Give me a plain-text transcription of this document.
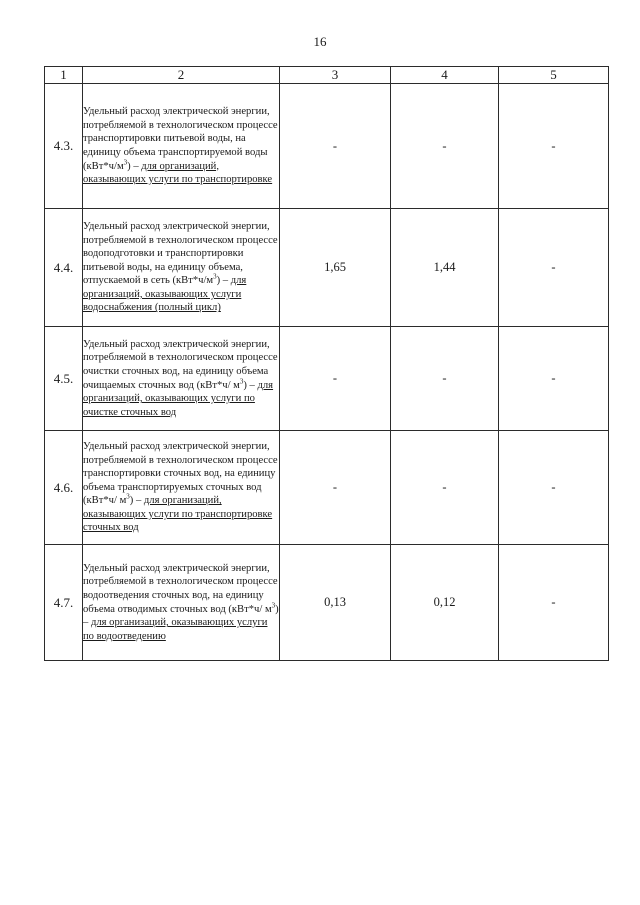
16
1	2	3	4	5
4.3.	Удельный расход электрической энергии, потребляемой в технологическом процессе транспортировки питьевой воды, на единицу объема транспортируемой воды $(кВт*ч/м^3)$ – для организаций, оказывающих услуги по транспортировке	-	-	-
4.4.	Удельный расход электрической энергии, потребляемой в технологическом процессе водоподготовки и транспортировки питьевой воды, на единицу объема, отпускаемой в сеть $(кВт*ч/м^3)$ – для организаций, оказывающих услуги водоснабжения (полный цикл)	1,65	1,44	-
4.5.	Удельный расход электрической энергии, потребляемой в технологическом процессе очистки сточных вод, на единицу объема очищаемых сточных вод (кВт*ч/ $м^3$) – для организаций, оказывающих услуги по очистке сточных вод	-	-	-
4.6.	Удельный расход электрической энергии, потребляемой в технологическом процессе транспортировки сточных вод, на единицу объема транспортируемых сточных вод (кВт*ч/ $м^3$) – для организаций, оказывающих услуги по транспортировке сточных вод	-	-	-
4.7.	Удельный расход электрической энергии, потребляемой в технологическом процессе водоотведения сточных вод, на единицу объема отводимых сточных вод (кВт*ч/ $м^3$) – для организаций, оказывающих услуги по водоотведению	0,13	0,12	-
